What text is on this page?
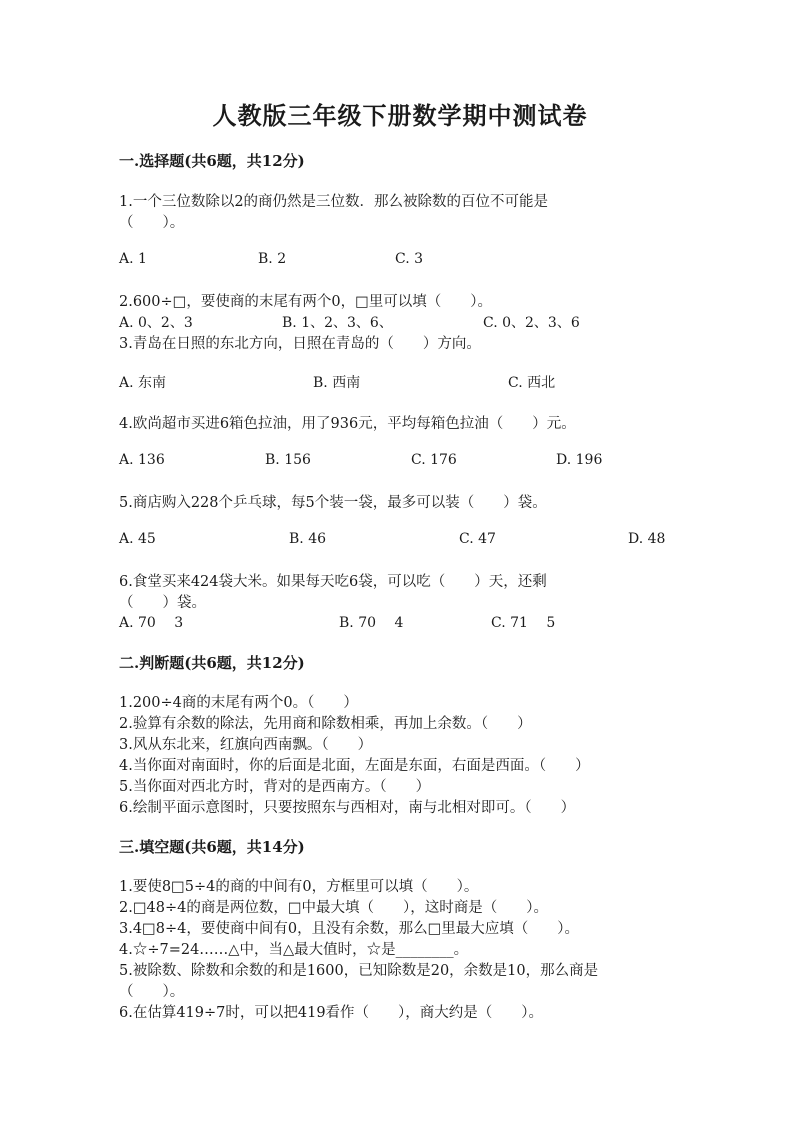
人教版三年级下册数学期中测试卷
一.选择题(共6题，共12分)
1.一个三位数除以2的商仍然是三位数．那么被除数的百位不可能是
（　　）。
A. 1	B. 2	C. 3
2.600÷□，要使商的末尾有两个0，□里可以填（　　）。
A. 0、2、3	B. 1、2、3、6、	C. 0、2、3、6
3.青岛在日照的东北方向，日照在青岛的（　　）方向。
A. 东南	B. 西南	C. 西北
4.欧尚超市买进6箱色拉油，用了936元，平均每箱色拉油（　　）元。
A. 136	B. 156	C. 176	D. 196
5.商店购入228个乒乓球，每5个装一袋，最多可以装（　　）袋。
A. 45	B. 46	C. 47	D. 48
6.食堂买来424袋大米。如果每天吃6袋，可以吃（　　）天，还剩
（　　）袋。
A. 70　 3	B. 70　 4	C. 71　 5
二.判断题(共6题，共12分)
1.200÷4商的末尾有两个0。（　　）
2.验算有余数的除法，先用商和除数相乘，再加上余数。（　　）
3.风从东北来，红旗向西南飘。（　　）
4.当你面对南面时，你的后面是北面，左面是东面，右面是西面。（　　）
5.当你面对西北方时，背对的是西南方。（　　）
6.绘制平面示意图时，只要按照东与西相对，南与北相对即可。（　　）
三.填空题(共6题，共14分)
1.要使8□5÷4的商的中间有0，方框里可以填（　　）。
2.□48÷4的商是两位数，□中最大填（　　），这时商是（　　）。
3.4□8÷4，要使商中间有0，且没有余数，那么□里最大应填（　　）。
4.☆÷7=24……△中，当△最大值时，☆是________。
5.被除数、除数和余数的和是1600，已知除数是20，余数是10，那么商是
（　　）。
6.在估算419÷7时，可以把419看作（　　），商大约是（　　）。
